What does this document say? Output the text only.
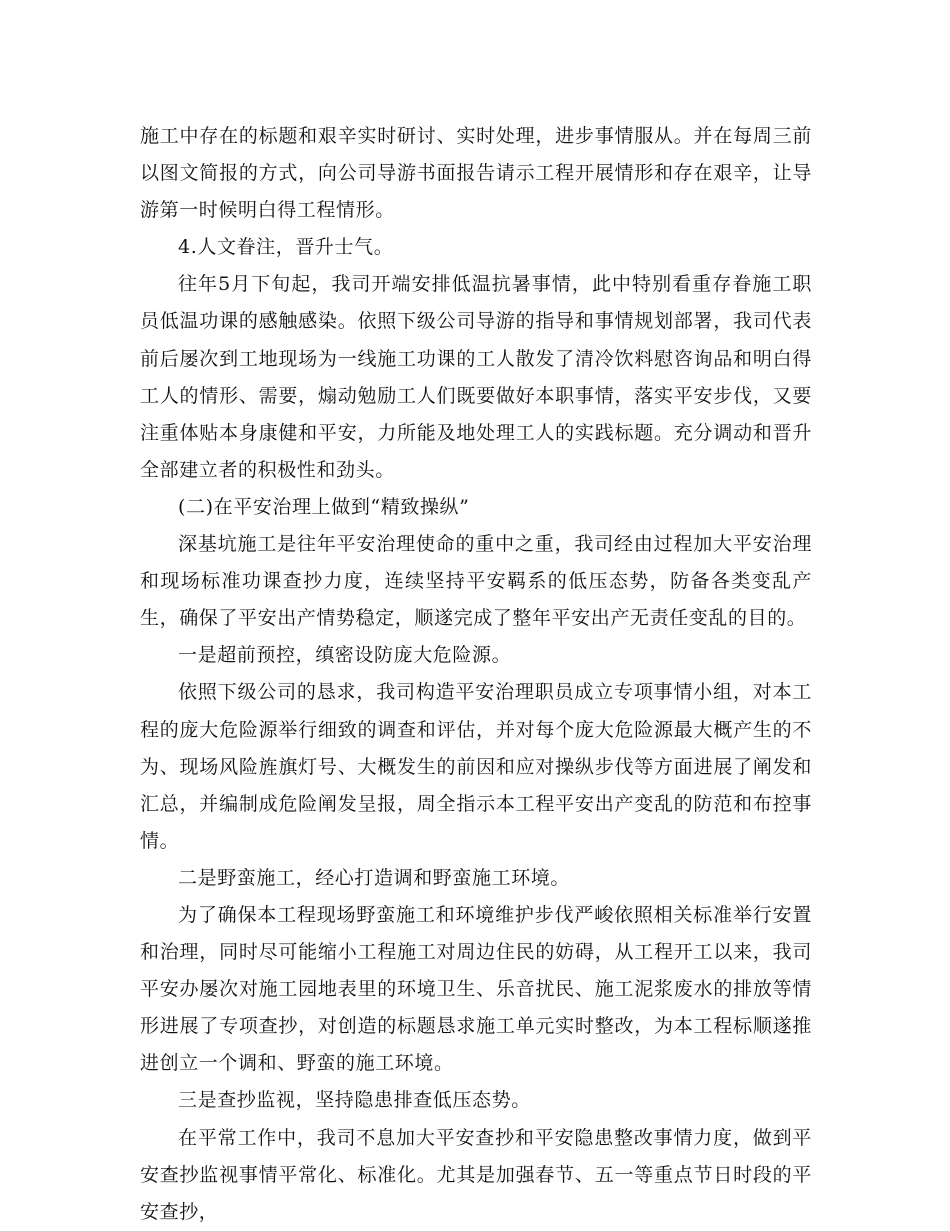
施工中存在的标题和艰辛实时研讨、实时处理，进步事情服从。并在每周三前以图文简报的方式，向公司导游书面报告请示工程开展情形和存在艰辛，让导游第一时候明白得工程情形。

4.人文眷注，晋升士气。

往年5月下旬起，我司开端安排低温抗暑事情，此中特别看重存眷施工职员低温功课的感触感染。依照下级公司导游的指导和事情规划部署，我司代表前后屡次到工地现场为一线施工功课的工人散发了清冷饮料慰咨询品和明白得工人的情形、需要，煽动勉励工人们既要做好本职事情，落实平安步伐，又要注重体贴本身康健和平安，力所能及地处理工人的实践标题。充分调动和晋升全部建立者的积极性和劲头。

(二)在平安治理上做到“精致操纵”

深基坑施工是往年平安治理使命的重中之重，我司经由过程加大平安治理和现场标准功课查抄力度，连续坚持平安羁系的低压态势，防备各类变乱产生，确保了平安出产情势稳定，顺遂完成了整年平安出产无责任变乱的目的。

一是超前预控，缜密设防庞大危险源。

依照下级公司的恳求，我司构造平安治理职员成立专项事情小组，对本工程的庞大危险源举行细致的调查和评估，并对每个庞大危险源最大概产生的不为、现场风险旌旗灯号、大概发生的前因和应对操纵步伐等方面进展了阐发和汇总，并编制成危险阐发呈报，周全指示本工程平安出产变乱的防范和布控事情。

二是野蛮施工，经心打造调和野蛮施工环境。

为了确保本工程现场野蛮施工和环境维护步伐严峻依照相关标准举行安置和治理，同时尽可能缩小工程施工对周边住民的妨碍，从工程开工以来，我司平安办屡次对施工园地表里的环境卫生、乐音扰民、施工泥浆废水的排放等情形进展了专项查抄，对创造的标题恳求施工单元实时整改，为本工程标顺遂推进创立一个调和、野蛮的施工环境。

三是查抄监视，坚持隐患排查低压态势。

在平常工作中，我司不息加大平安查抄和平安隐患整改事情力度，做到平安查抄监视事情平常化、标准化。尤其是加强春节、五一等重点节日时段的平安查抄，
